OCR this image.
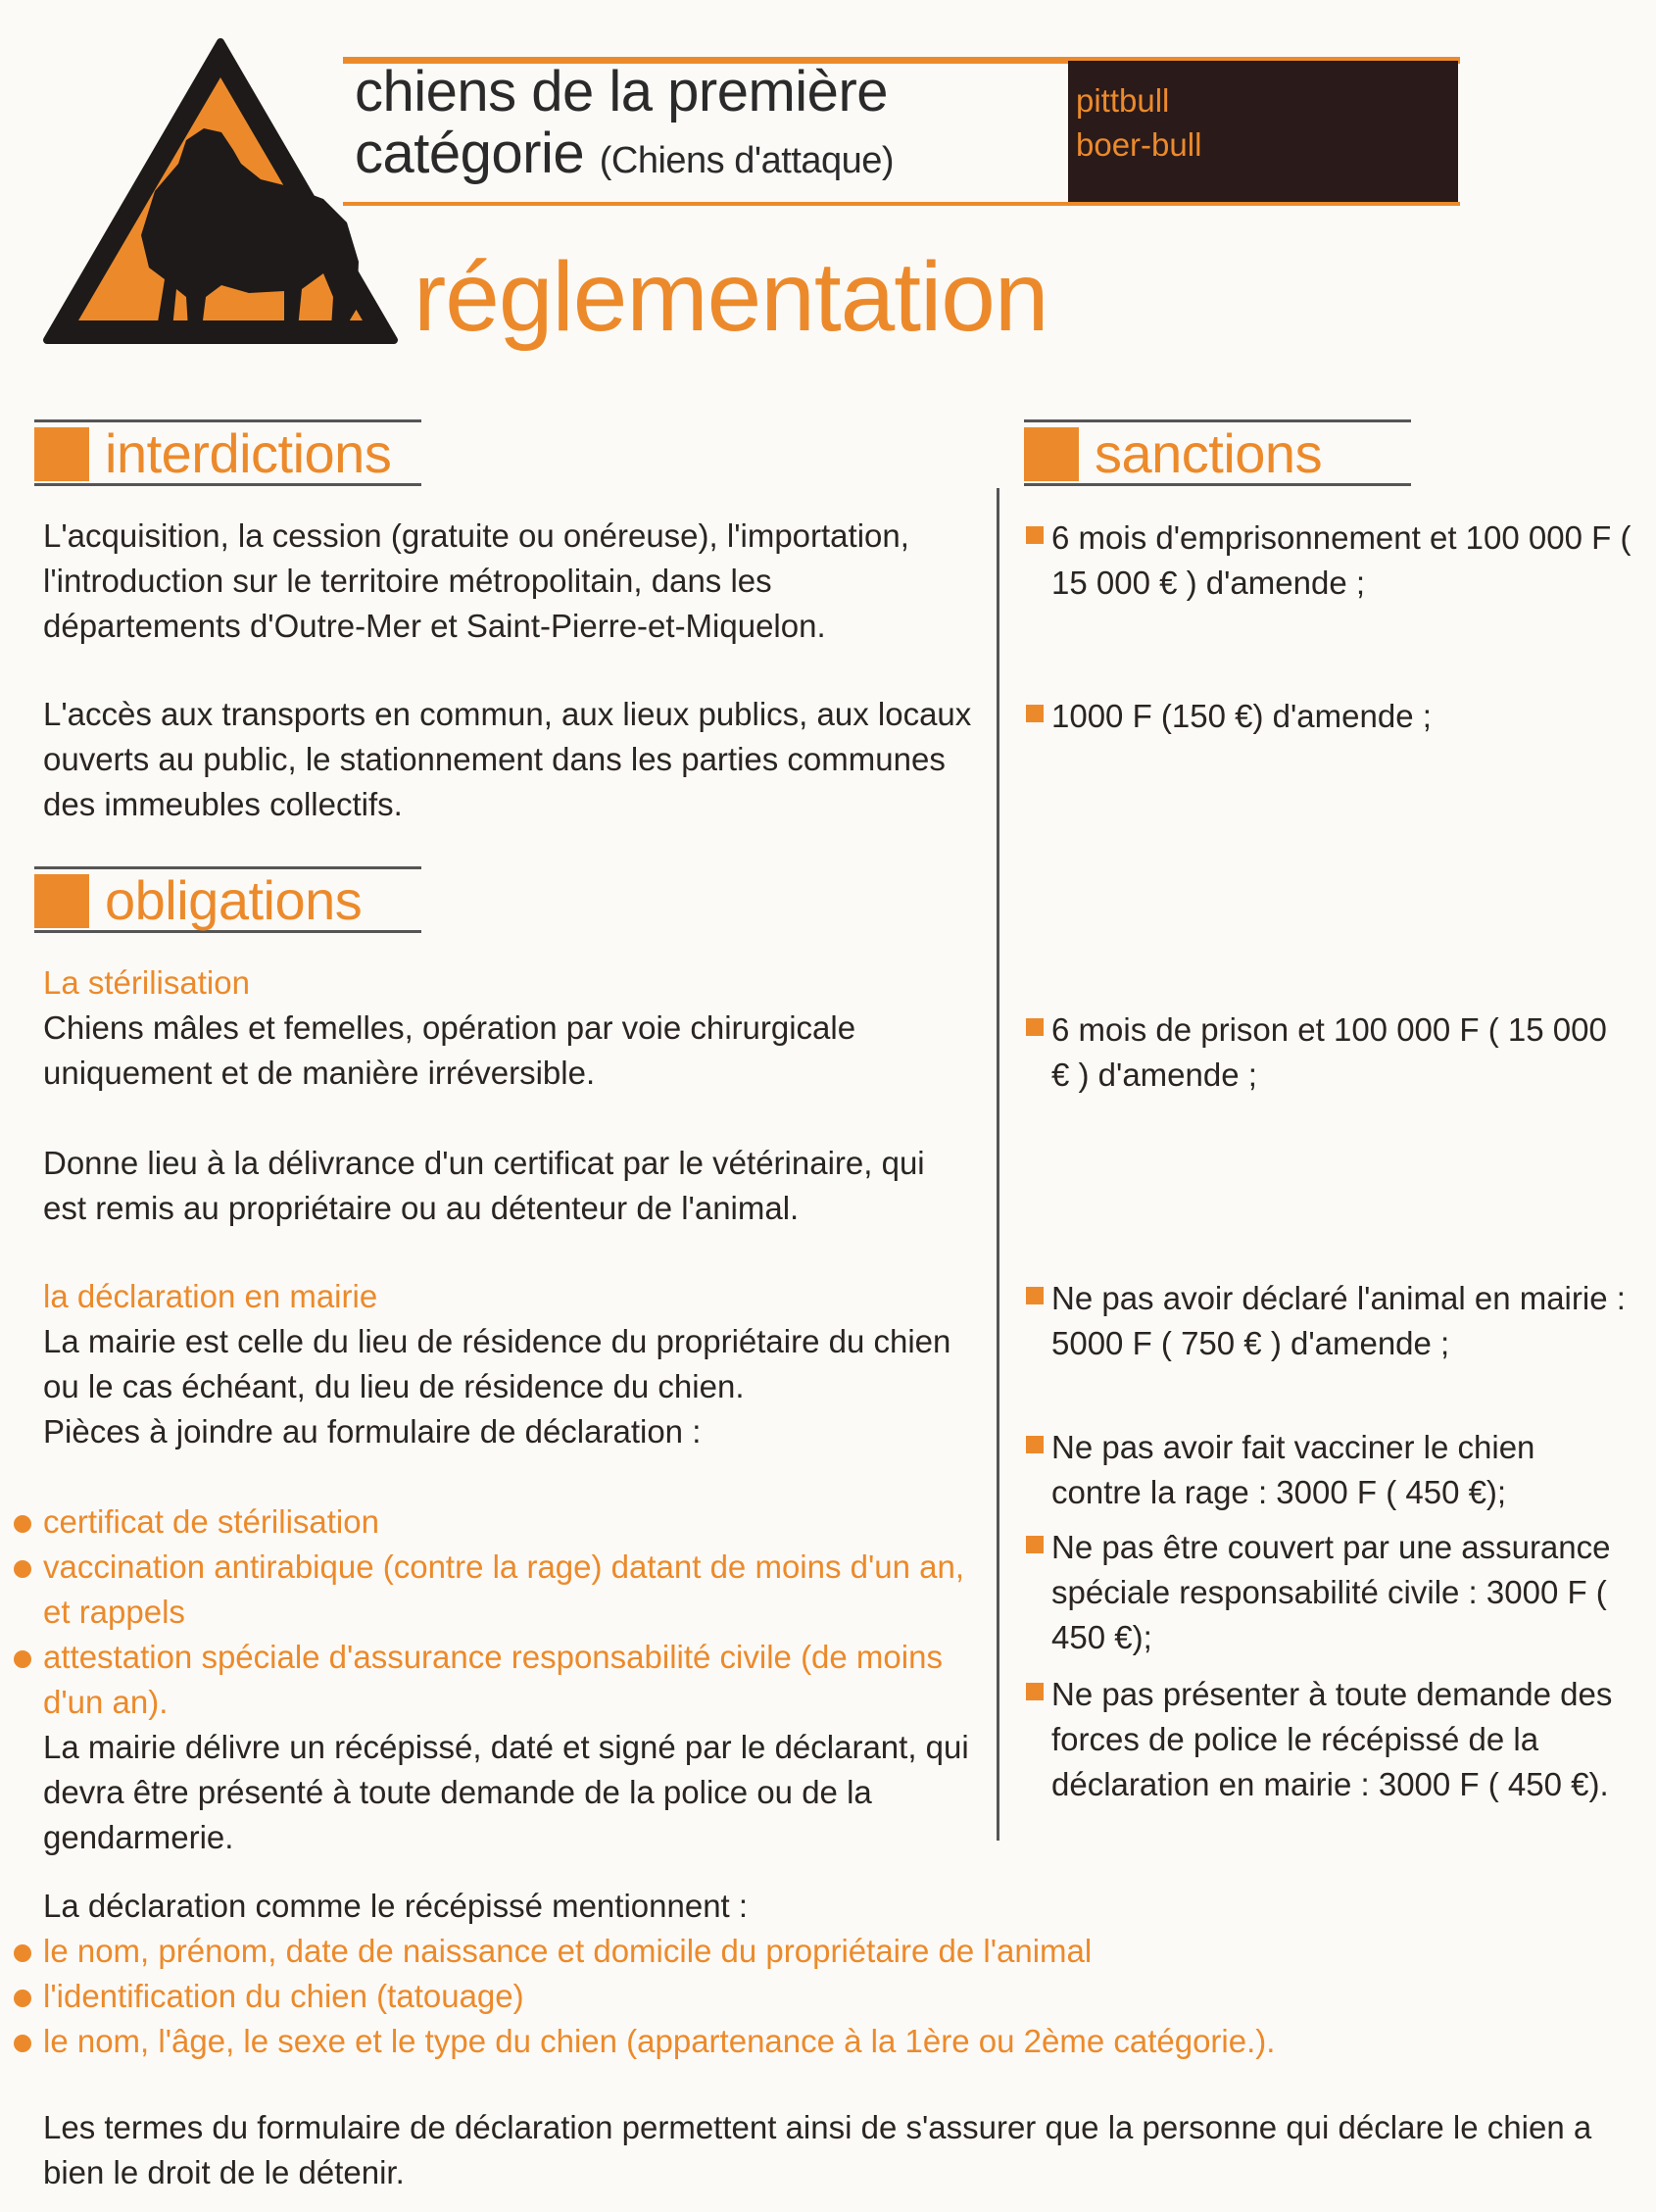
chiens de la première
catégorie (Chiens d'attaque)
pittbull
boer-bull
réglementation
interdictions	sanctions
L'acquisition, la cession (gratuite ou onéreuse), l'importation, l'introduction sur le territoire métropolitain, dans les départements d'Outre-Mer et Saint-Pierre-et-Miquelon.
L'accès aux transports en commun, aux lieux publics, aux locaux ouverts au public, le stationnement dans les parties communes des immeubles collectifs.
obligations
La stérilisation
Chiens mâles et femelles, opération par voie chirurgicale uniquement et de manière irréversible.
Donne lieu à la délivrance d'un certificat par le vétérinaire, qui est remis au propriétaire ou au détenteur de l'animal.
la déclaration en mairie
La mairie est celle du lieu de résidence du propriétaire du chien ou le cas échéant, du lieu de résidence du chien.
Pièces à joindre au formulaire de déclaration :
certificat de stérilisation
vaccination antirabique (contre la rage) datant de moins d'un an, et rappels
attestation spéciale d'assurance responsabilité civile (de moins d'un an).
La mairie délivre un récépissé, daté et signé par le déclarant, qui devra être présenté à toute demande de la police ou de la gendarmerie.
6 mois d'emprisonnement et 100 000 F ( 15 000 € ) d'amende ;
1000 F (150 €) d'amende ;
6 mois de prison et 100 000 F ( 15 000 € ) d'amende ;
Ne pas avoir déclaré l'animal en mairie : 5000 F ( 750 € ) d'amende ;
Ne pas avoir fait vacciner le chien contre la rage : 3000 F ( 450 €);
Ne pas être couvert par une assurance spéciale responsabilité civile : 3000 F ( 450 €);
Ne pas présenter à toute demande des forces de police le récépissé de la déclaration en mairie : 3000 F ( 450 €).
La déclaration comme le récépissé mentionnent :
le nom, prénom, date de naissance et domicile du propriétaire de l'animal
l'identification du chien (tatouage)
le nom, l'âge, le sexe et le type du chien (appartenance à la 1ère ou 2ème catégorie.).
Les termes du formulaire de déclaration permettent ainsi de s'assurer que la personne qui déclare le chien a bien le droit de le détenir.
